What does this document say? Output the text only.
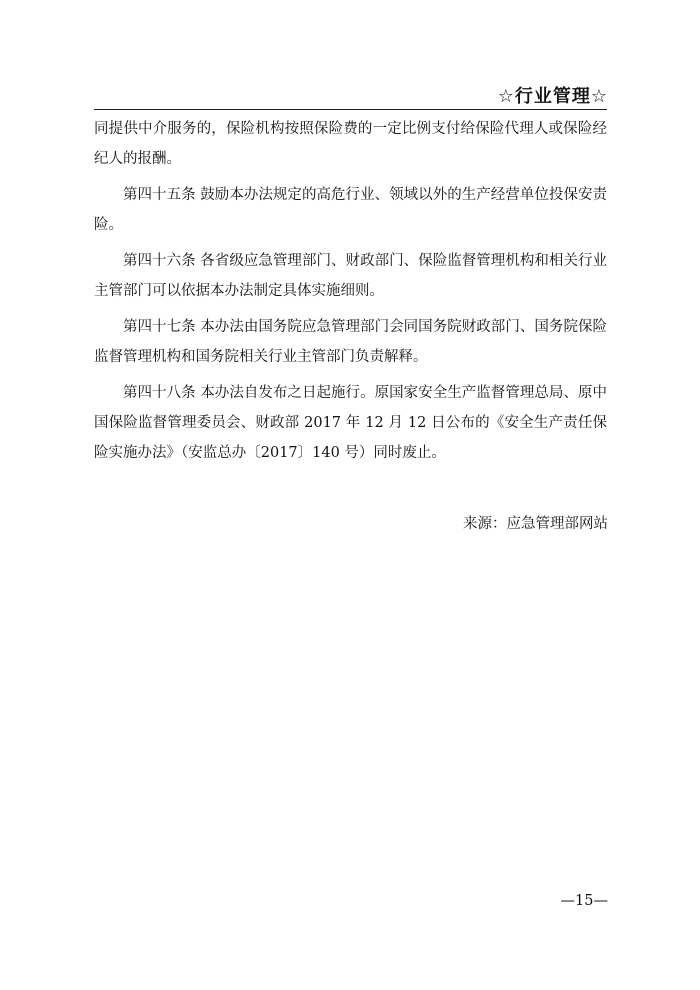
☆行业管理☆

同提供中介服务的，保险机构按照保险费的一定比例支付给保险代理人或保险经纪人的报酬。

第四十五条 鼓励本办法规定的高危行业、领域以外的生产经营单位投保安责险。

第四十六条 各省级应急管理部门、财政部门、保险监督管理机构和相关行业主管部门可以依据本办法制定具体实施细则。

第四十七条 本办法由国务院应急管理部门会同国务院财政部门、国务院保险监督管理机构和国务院相关行业主管部门负责解释。

第四十八条 本办法自发布之日起施行。原国家安全生产监督管理总局、原中国保险监督管理委员会、财政部 2017 年 12 月 12 日公布的《安全生产责任保险实施办法》（安监总办〔2017〕140 号）同时废止。

来源：应急管理部网站
—15—
